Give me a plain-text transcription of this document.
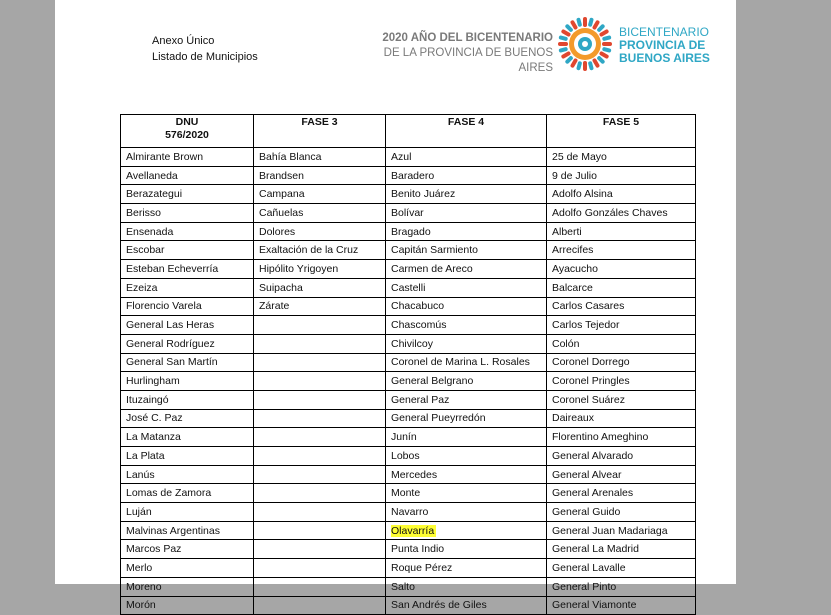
Anexo Único
Listado de Municipios
2020 AÑO DEL BICENTENARIO
DE LA PROVINCIA DE BUENOS AIRES
BICENTENARIO
PROVINCIA DE
BUENOS AIRES
DNU
576/2020	FASE 3	FASE 4	FASE 5

Almirante Brown	Bahía Blanca	Azul	25 de Mayo
Avellaneda	Brandsen	Baradero	9 de Julio
Berazategui	Campana	Benito Juárez	Adolfo Alsina
Berisso	Cañuelas	Bolívar	Adolfo Gonzáles Chaves
Ensenada	Dolores	Bragado	Alberti
Escobar	Exaltación de la Cruz	Capitán Sarmiento	Arrecifes
Esteban Echeverría	Hipólito Yrigoyen	Carmen de Areco	Ayacucho
Ezeiza	Suipacha	Castelli	Balcarce
Florencio Varela	Zárate	Chacabuco	Carlos Casares
General Las Heras		Chascomús	Carlos Tejedor
General Rodríguez		Chivilcoy	Colón
General San Martín		Coronel de Marina L. Rosales	Coronel Dorrego
Hurlingham		General Belgrano	Coronel Pringles
Ituzaingó		General Paz	Coronel Suárez
José C. Paz		General Pueyrredón	Daireaux
La Matanza		Junín	Florentino Ameghino
La Plata		Lobos	General Alvarado
Lanús		Mercedes	General Alvear
Lomas de Zamora		Monte	General Arenales
Luján		Navarro	General Guido
Malvinas Argentinas		Olavarría	General Juan Madariaga
Marcos Paz		Punta Indio	General La Madrid
Merlo		Roque Pérez	General Lavalle
Moreno		Salto	General Pinto
Morón		San Andrés de Giles	General Viamonte
